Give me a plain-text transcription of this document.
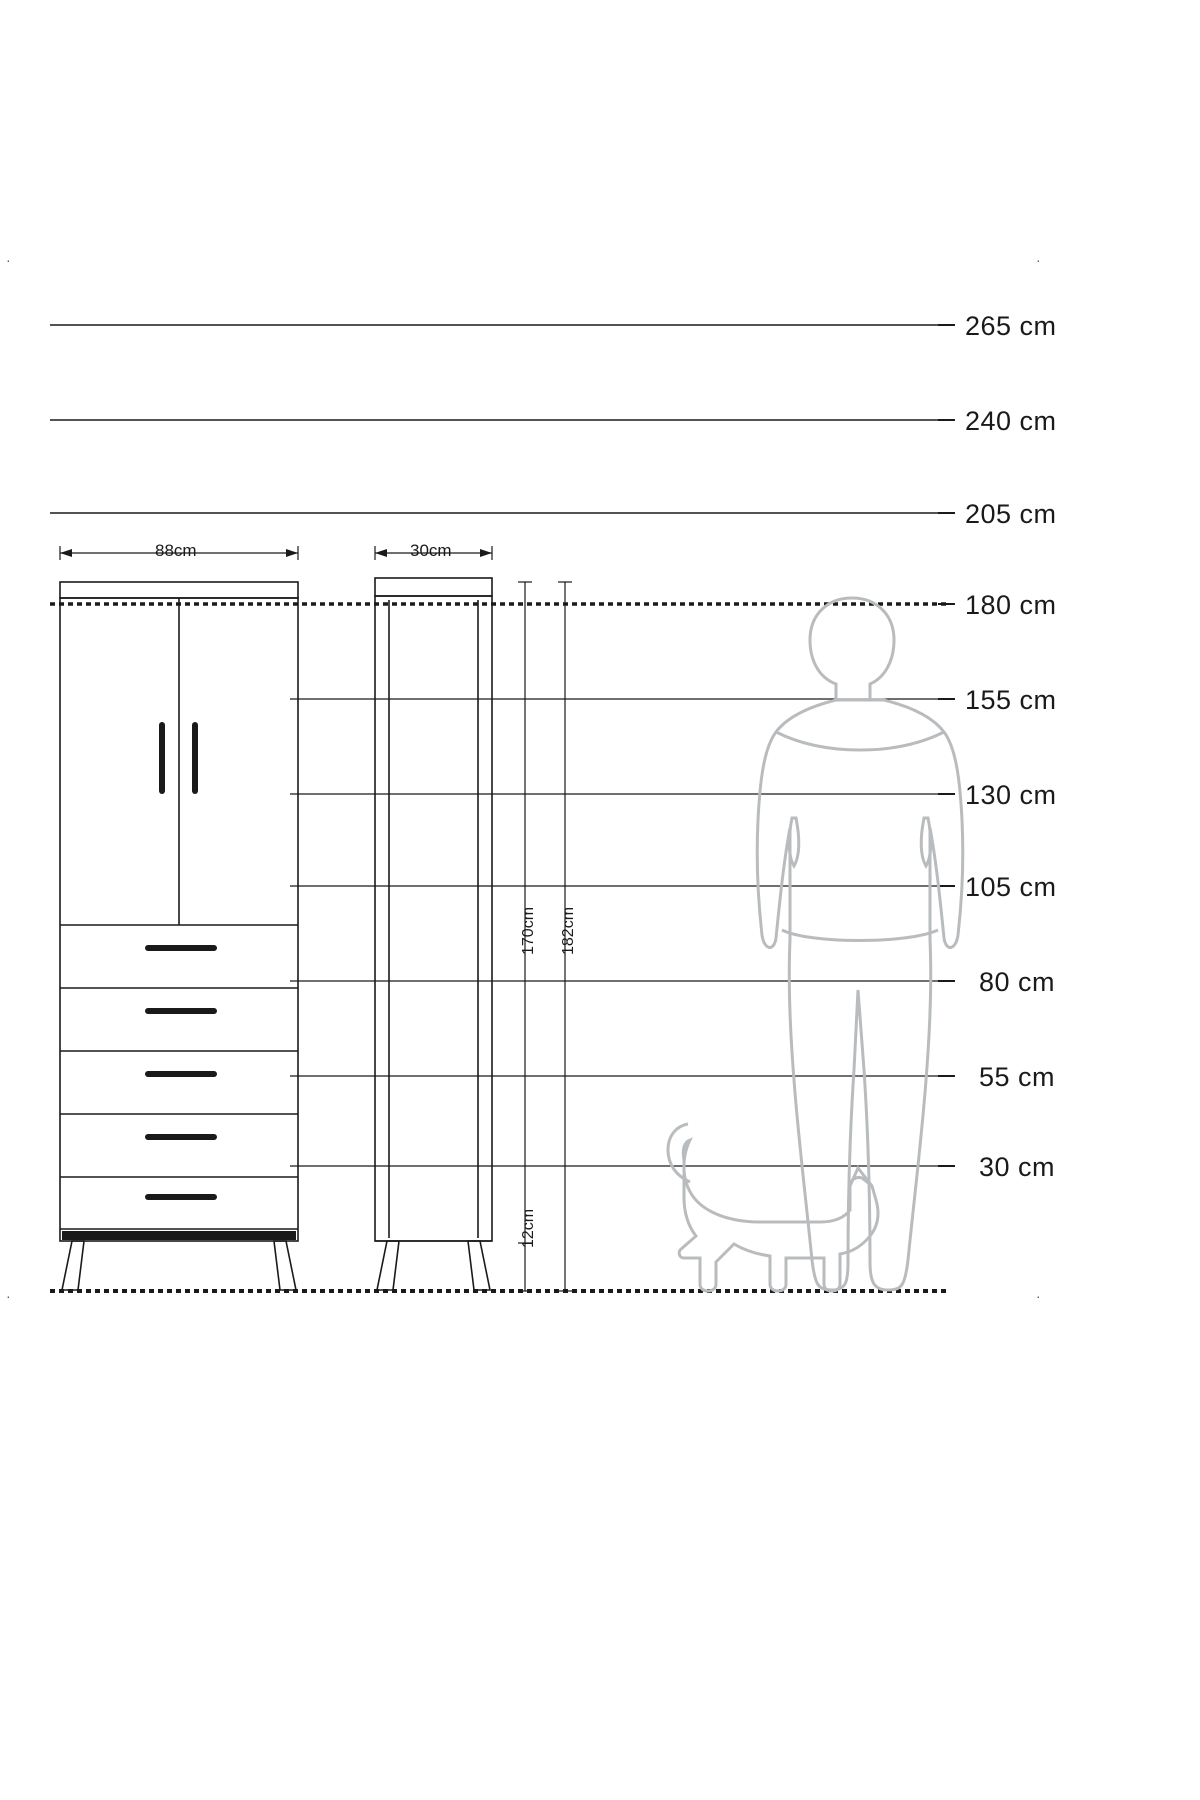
265 cm
240 cm
205 cm
180 cm
155 cm
130 cm
105 cm
80 cm
55 cm
30 cm
88cm	30cm
170cm 182cm
12cm
·	·
·	·
